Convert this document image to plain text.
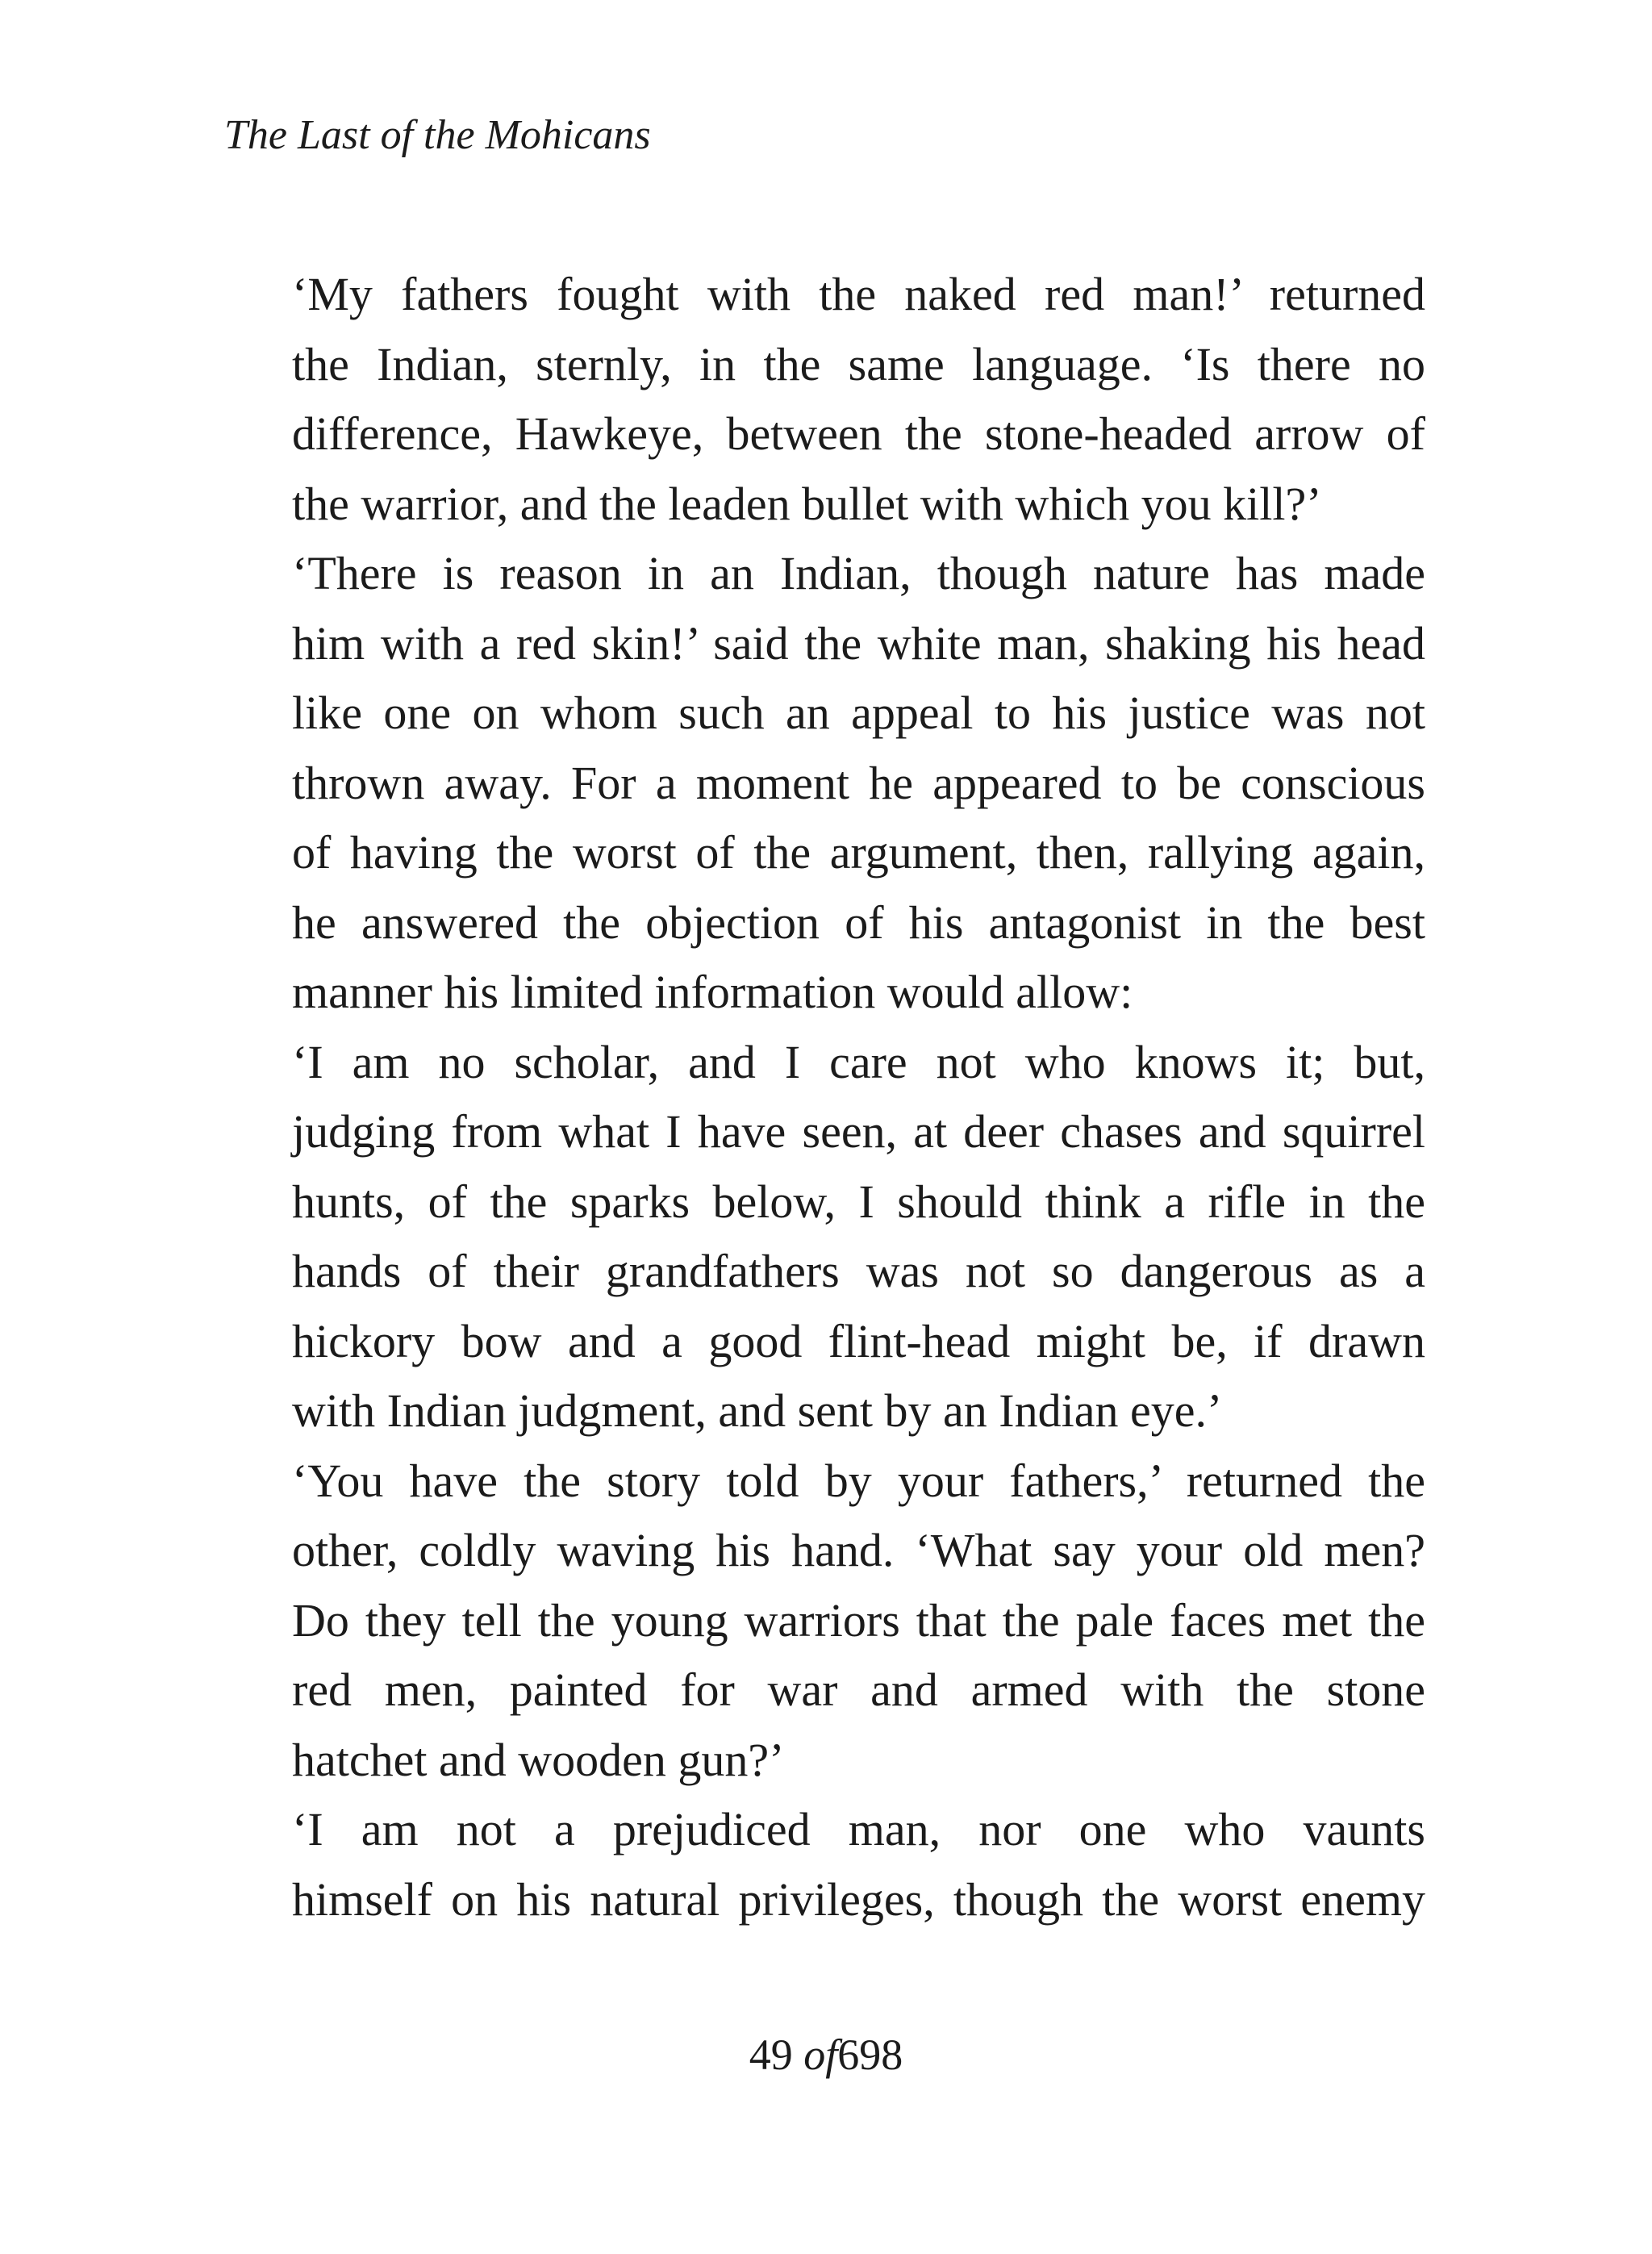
The Last of the Mohicans

‘My fathers fought with the naked red man!’ returned
the Indian, sternly, in the same language. ‘Is there no
difference, Hawkeye, between the stone-headed arrow of
the warrior, and the leaden bullet with which you kill?’

‘There is reason in an Indian, though nature has made
him with a red skin!’ said the white man, shaking his head
like one on whom such an appeal to his justice was not
thrown away. For a moment he appeared to be conscious
of having the worst of the argument, then, rallying again,
he answered the objection of his antagonist in the best
manner his limited information would allow:

‘I am no scholar, and I care not who knows it; but,
judging from what I have seen, at deer chases and squirrel
hunts, of the sparks below, I should think a rifle in the
hands of their grandfathers was not so dangerous as a
hickory bow and a good flint-head might be, if drawn
with Indian judgment, and sent by an Indian eye.’

‘You have the story told by your fathers,’ returned the
other, coldly waving his hand. ‘What say your old men?
Do they tell the young warriors that the pale faces met the
red men, painted for war and armed with the stone
hatchet and wooden gun?’

‘I am not a prejudiced man, nor one who vaunts
himself on his natural privileges, though the worst enemy

49 of698
